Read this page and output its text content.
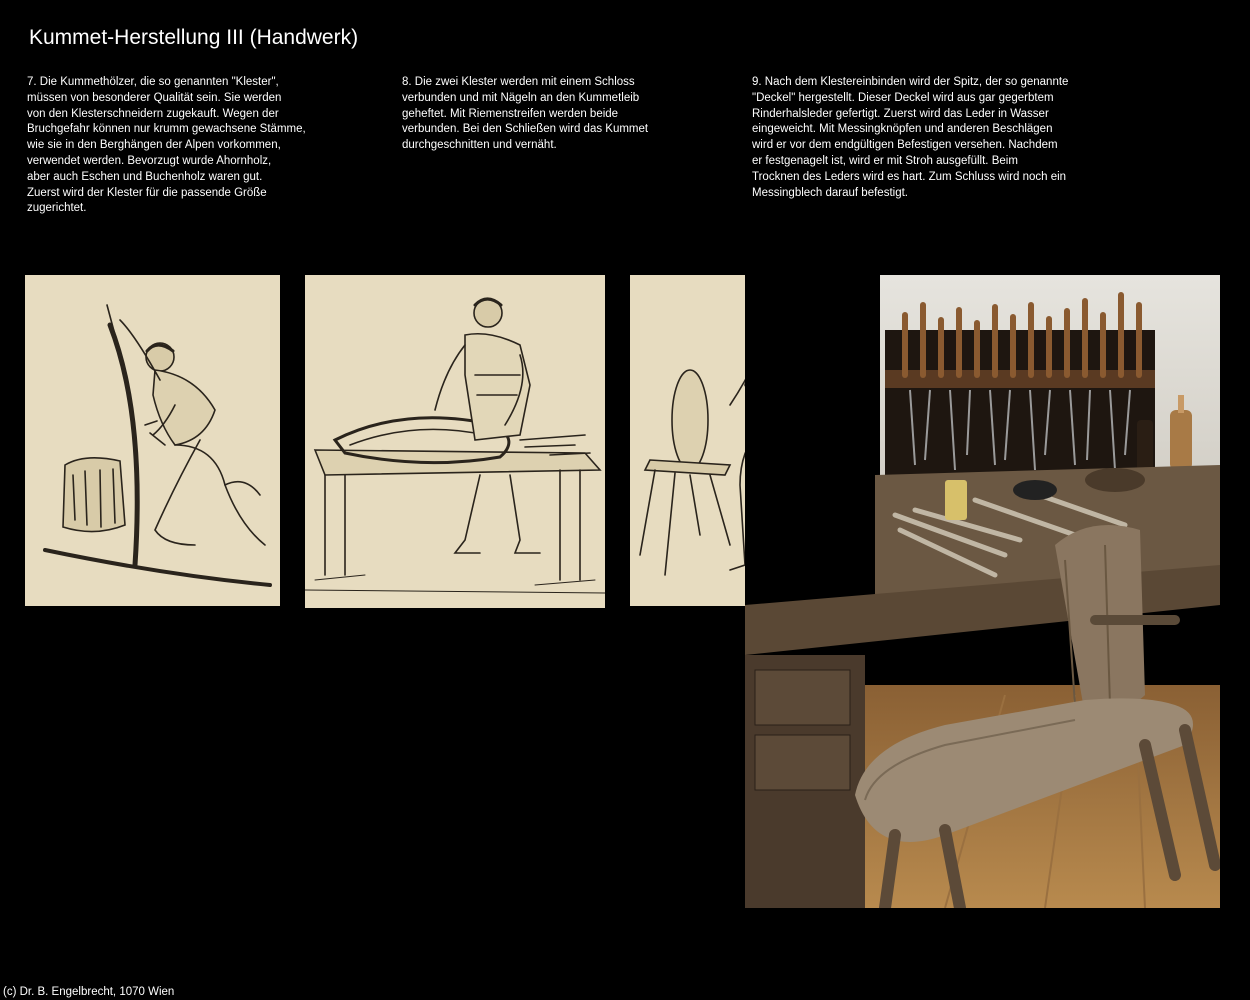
Kummet-Herstellung III (Handwerk)

7. Die Kummethölzer, die so genannten "Klester",
müssen von besonderer Qualität sein. Sie werden
von den Klesterschneidern zugekauft. Wegen der
Bruchgefahr können nur krumm gewachsene Stämme,
wie sie in den Berghängen der Alpen vorkommen,
verwendet werden. Bevorzugt wurde Ahornholz,
aber auch Eschen und Buchenholz waren gut.
Zuerst wird der Klester für die passende Größe
zugerichtet.

8. Die zwei Klester werden mit einem Schloss
verbunden und mit Nägeln an den Kummetleib
geheftet. Mit Riemenstreifen werden beide
verbunden. Bei den Schließen wird das Kummet
durchgeschnitten und vernäht.

9. Nach dem Klestereinbinden wird der Spitz, der so genannte
"Deckel" hergestellt. Dieser Deckel wird aus gar gegerbtem
Rinderhalsleder gefertigt. Zuerst wird das Leder in Wasser
eingeweicht. Mit Messingknöpfen und anderen Beschlägen
wird er vor dem endgültigen Befestigen versehen. Nachdem
er festgenagelt ist, wird er mit Stroh ausgefüllt. Beim
Trocknen des Leders wird es hart. Zum Schluss wird noch ein
Messingblech darauf befestigt.

(c) Dr. B. Engelbrecht, 1070 Wien
